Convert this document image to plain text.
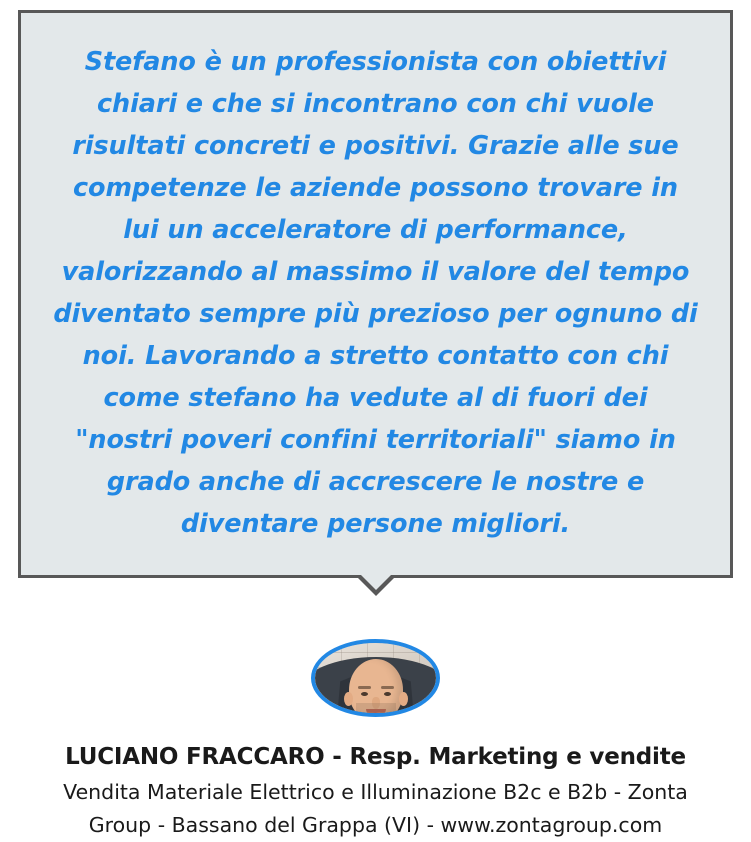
Stefano è un professionista con obiettivi chiari e che si incontrano con chi vuole risultati concreti e positivi. Grazie alle sue competenze le aziende possono trovare in lui un acceleratore di performance, valorizzando al massimo il valore del tempo diventato sempre più prezioso per ognuno di noi. Lavorando a stretto contatto con chi come stefano ha vedute al di fuori dei "nostri poveri confini territoriali" siamo in grado anche di accrescere le nostre e diventare persone migliori.

LUCIANO FRACCARO - Resp. Marketing e vendite

Vendita Materiale Elettrico e Illuminazione B2c e B2b - Zonta Group - Bassano del Grappa (VI) - www.zontagroup.com
